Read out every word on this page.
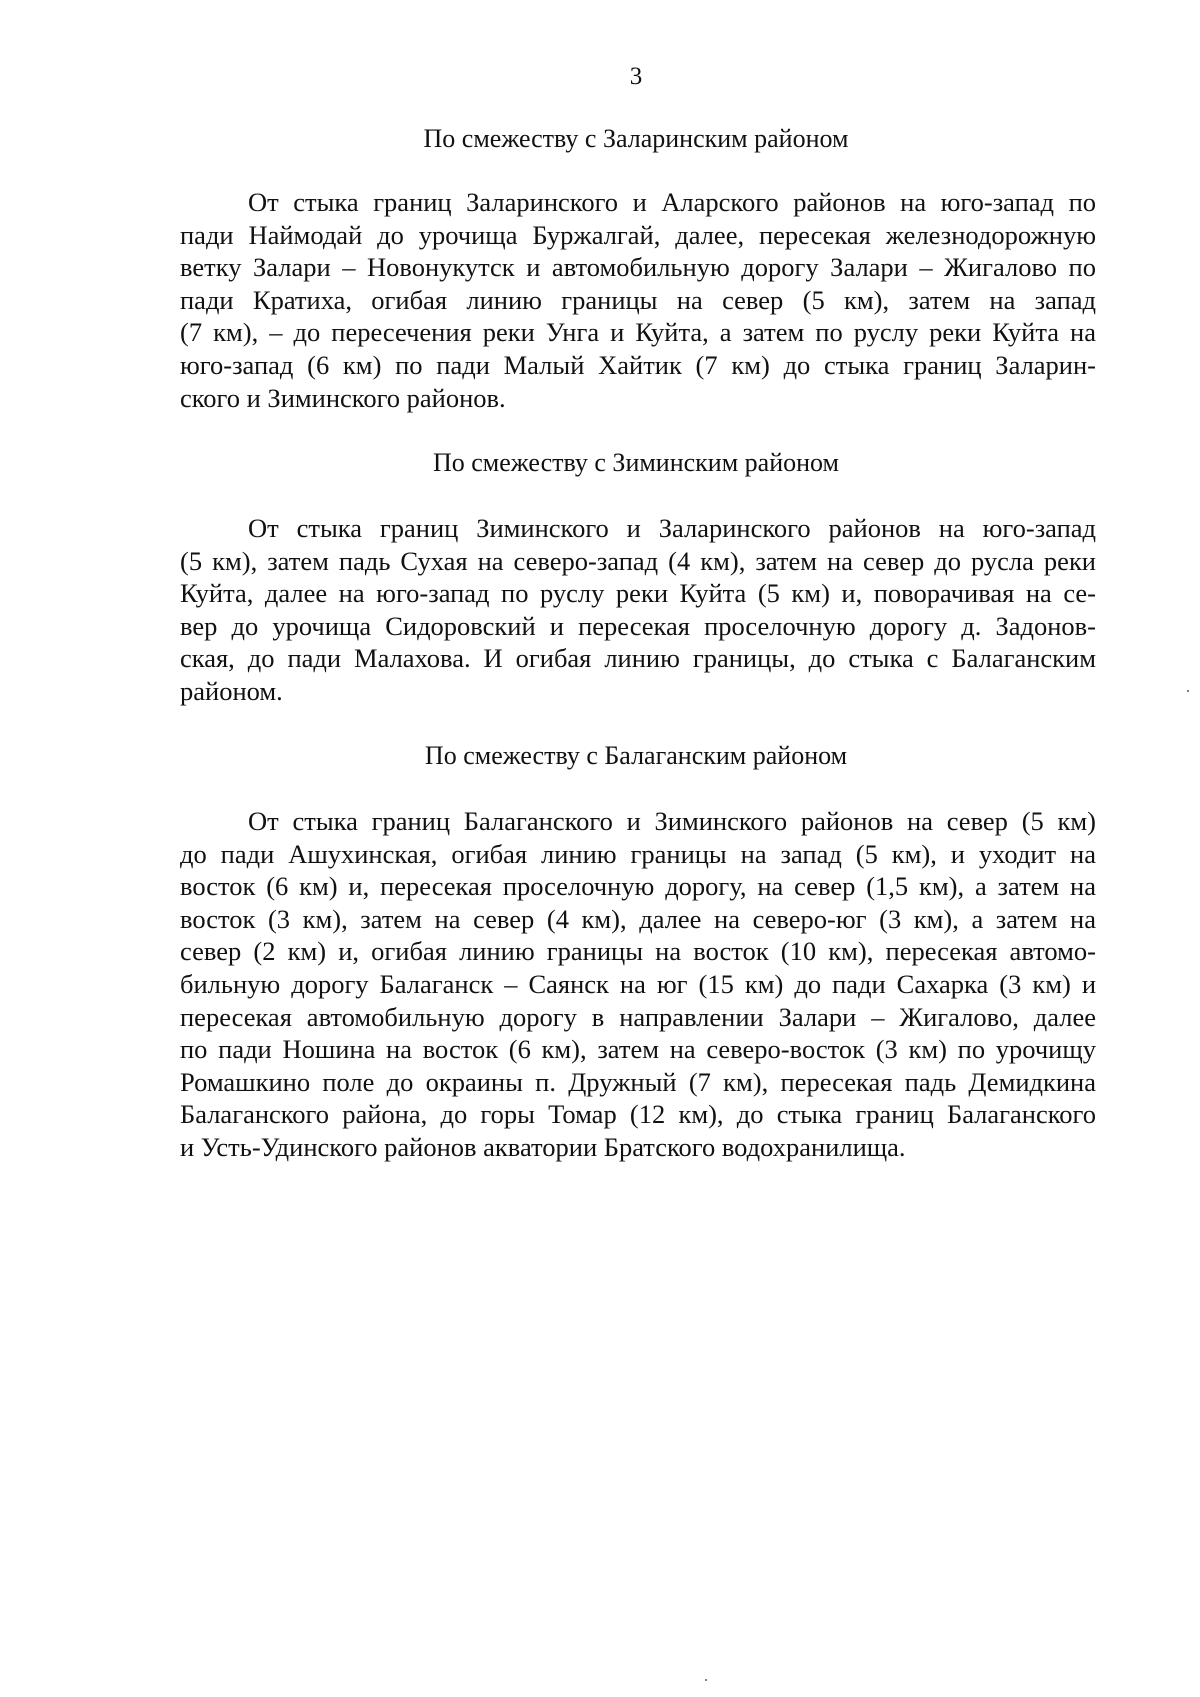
3
По смежеству с Заларинским районом
От стыка границ Заларинского и Аларского районов на юго-запад по
пади Наймодай до урочища Буржалгай, далее, пересекая железнодорожную
ветку Залари – Новонукутск и автомобильную дорогу Залари – Жигалово по
пади Кратиха, огибая линию границы на север (5 км), затем на запад
(7 км), – до пересечения реки Унга и Куйта, а затем по руслу реки Куйта на
юго-запад (6 км) по пади Малый Хайтик (7 км) до стыка границ Заларин-
ского и Зиминского районов.
По смежеству с Зиминским районом
От стыка границ Зиминского и Заларинского районов на юго-запад
(5 км), затем падь Сухая на северо-запад (4 км), затем на север до русла реки
Куйта, далее на юго-запад по руслу реки Куйта (5 км) и, поворачивая на се-
вер до урочища Сидоровский и пересекая проселочную дорогу д. Задонов-
ская, до пади Малахова. И огибая линию границы, до стыка с Балаганским
районом.
По смежеству с Балаганским районом
От стыка границ Балаганского и Зиминского районов на север (5 км)
до пади Ашухинская, огибая линию границы на запад (5 км), и уходит на
восток (6 км) и, пересекая проселочную дорогу, на север (1,5 км), а затем на
восток (3 км), затем на север (4 км), далее на северо-юг (3 км), а затем на
север (2 км) и, огибая линию границы на восток (10 км), пересекая автомо-
бильную дорогу Балаганск – Саянск на юг (15 км) до пади Сахарка (3 км) и
пересекая автомобильную дорогу в направлении Залари – Жигалово, далее
по пади Ношина на восток (6 км), затем на северо-восток (3 км) по урочищу
Ромашкино поле до окраины п. Дружный (7 км), пересекая падь Демидкина
Балаганского района, до горы Томар (12 км), до стыка границ Балаганского
и Усть-Удинского районов акватории Братского водохранилища.
